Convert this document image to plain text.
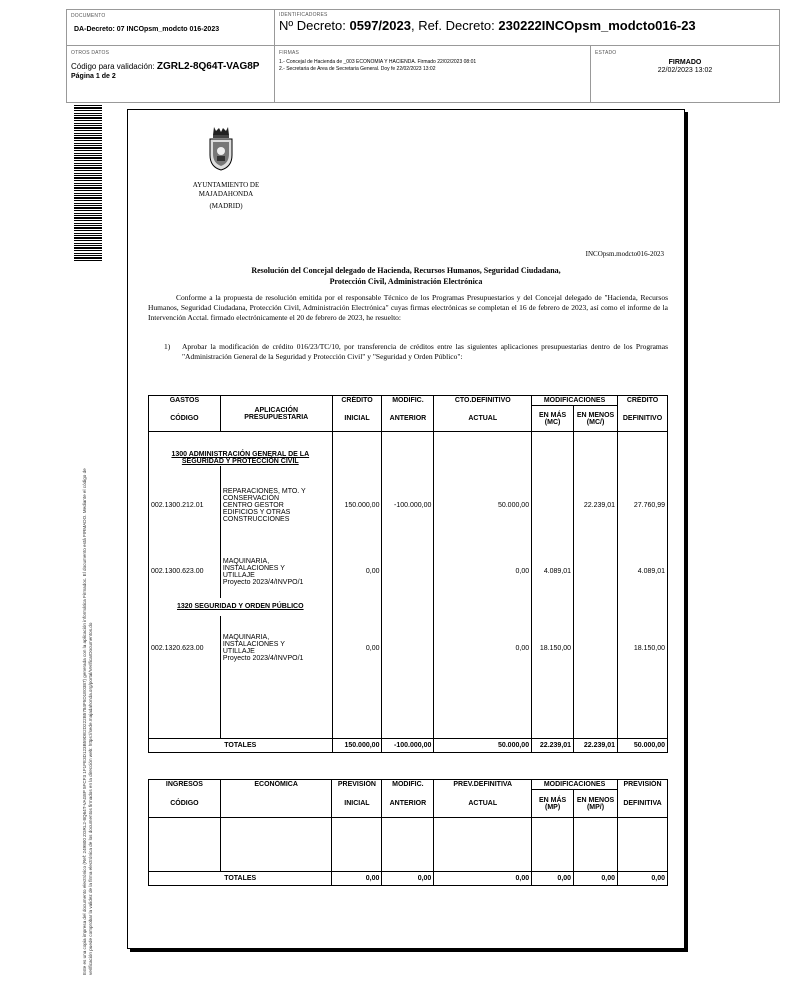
DOCUMENTO
DA-Decreto: 07 INCOpsm_modcto 016-2023
IDENTIFICADORES
Nº Decreto: 0597/2023, Ref. Decreto: 230222INCOpsm_modcto016-23
OTROS DATOS
Código para validación: ZGRL2-8Q64T-VAG8P
Página 1 de 2
FIRMAS
1.- Concejal de Hacienda de _003 ECONOMIA Y HACIENDA. Firmado 22/02/2023 08:01
2.- Secretaria de Area de Secretaria General. Doy fe 22/02/2023 13:02
ESTADO
FIRMADO
22/02/2023 13:02
Este es una copia impresa del documento electrónico (Ref: 249800 ZGRL2-8Q64T-VAG8P 5FCF3 1F1FE3D123B59DE2D222B5784F5D1E0387) generada con la aplicación informática Firmadoc. El documento está FIRMADO. Mediante el código de verificación puede comprobar la validez de la firma electrónica de los documentos firmados en la dirección web: https://sede.majadahonda.org/portal/VerificarDocumentos.do
AYUNTAMIENTO DE
MAJADAHONDA
(MADRID)
INCOpsm.modcto016-2023
Resolución del Concejal delegado de Hacienda, Recursos Humanos, Seguridad Ciudadana,
Protección Civil, Administración Electrónica
Conforme a la propuesta de resolución emitida por el responsable Técnico de los Programas Presupuestarios y del Concejal delegado de "Hacienda, Recursos Humanos, Seguridad Ciudadana, Protección Civil, Administración Electrónica" cuyas firmas electrónicas se completan el 16 de febrero de 2023, así como el informe de la Intervención Acctal. firmado electrónicamente el 20 de febrero de 2023, he resuelto:
1) Aprobar la modificación de crédito 016/23/TC/10, por transferencia de créditos entre las siguientes aplicaciones presupuestarias dentro de los Programas "Administración General de la Seguridad y Protección Civil" y "Seguridad y Orden Público":
GASTOS	APLICACIÓN PRESUPUESTARIA	CRÉDITO	MODIFIC.	CTO.DEFINITIVO	MODIFICACIONES		CRÉDITO
CÓDIGO		INICIAL	ANTERIOR	ACTUAL	EN MÁS (MC)	EN MENOS (MC/)	DEFINITIVO
1300 ADMINISTRACIÓN GENERAL DE LA SEGURIDAD Y PROTECCIÓN CIVIL							
002.1300.212.01	REPARACIONES, MTO. Y
CONSERVACIÓN
CENTRO GESTOR
EDIFICIOS Y OTRAS
CONSTRUCCIONES	150.000,00	-100.000,00	50.000,00		22.239,01	27.760,99
002.1300.623.00	MAQUINARIA,
INSTALACIONES Y
UTILLAJE
Proyecto 2023/4/INVPO/1	0,00		0,00	4.089,01		4.089,01
1320 SEGURIDAD Y ORDEN PÚBLICO							
002.1320.623.00	MAQUINARIA,
INSTALACIONES Y
UTILLAJE
Proyecto 2023/4/INVPO/1	0,00		0,00	18.150,00		18.150,00

TOTALES		150.000,00	-100.000,00	50.000,00	22.239,01	22.239,01	50.000,00
INGRESOS	ECONÓMICA	PREVISIÓN	MODIFIC.	PREV.DEFINITIVA	MODIFICACIONES		PREVISIÓN
CÓDIGO		INICIAL	ANTERIOR	ACTUAL	EN MÁS (MP)	EN MENOS (MP/)	DEFINITIVA

TOTALES		0,00	0,00	0,00	0,00	0,00	0,00
